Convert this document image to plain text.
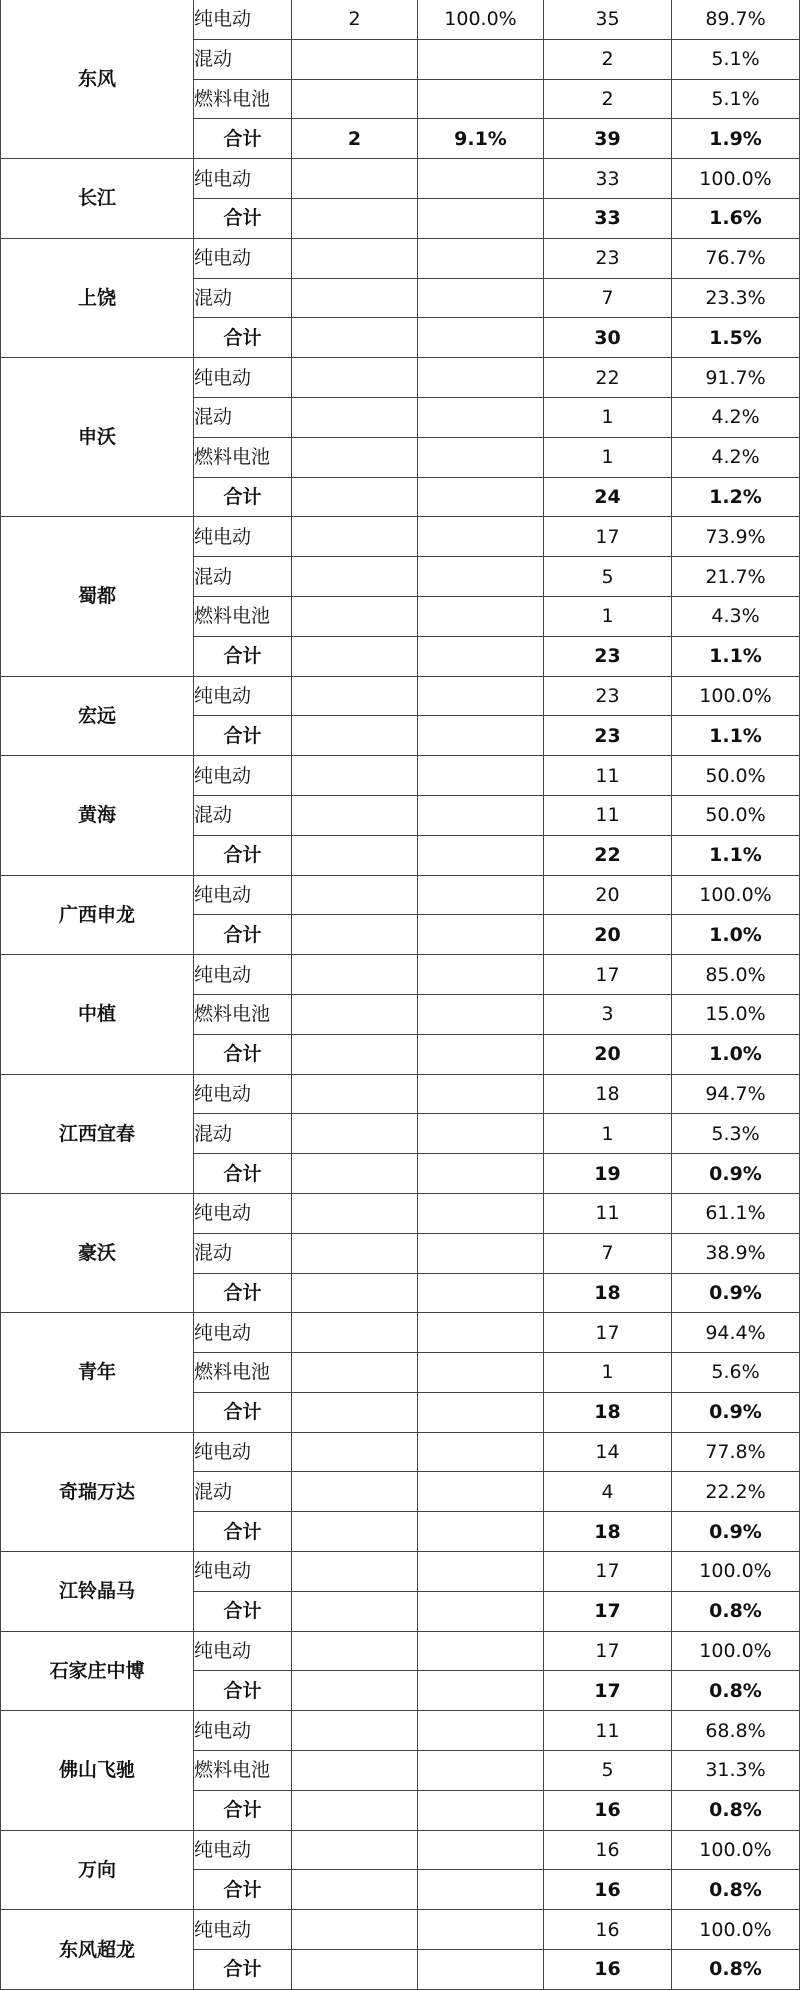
东风	纯电动	2	100.0%	35	89.7%
	混动			2	5.1%
	燃料电池			2	5.1%
	合计	2	9.1%	39	1.9%
长江	纯电动			33	100.0%
	合计			33	1.6%
上饶	纯电动			23	76.7%
	混动			7	23.3%
	合计			30	1.5%
申沃	纯电动			22	91.7%
	混动			1	4.2%
	燃料电池			1	4.2%
	合计			24	1.2%
蜀都	纯电动			17	73.9%
	混动			5	21.7%
	燃料电池			1	4.3%
	合计			23	1.1%
宏远	纯电动			23	100.0%
	合计			23	1.1%
黄海	纯电动			11	50.0%
	混动			11	50.0%
	合计			22	1.1%
广西申龙	纯电动			20	100.0%
	合计			20	1.0%
中植	纯电动			17	85.0%
	燃料电池			3	15.0%
	合计			20	1.0%
江西宜春	纯电动			18	94.7%
	混动			1	5.3%
	合计			19	0.9%
豪沃	纯电动			11	61.1%
	混动			7	38.9%
	合计			18	0.9%
青年	纯电动			17	94.4%
	燃料电池			1	5.6%
	合计			18	0.9%
奇瑞万达	纯电动			14	77.8%
	混动			4	22.2%
	合计			18	0.9%
江铃晶马	纯电动			17	100.0%
	合计			17	0.8%
石家庄中博	纯电动			17	100.0%
	合计			17	0.8%
佛山飞驰	纯电动			11	68.8%
	燃料电池			5	31.3%
	合计			16	0.8%
万向	纯电动			16	100.0%
	合计			16	0.8%
东风超龙	纯电动			16	100.0%
	合计			16	0.8%
